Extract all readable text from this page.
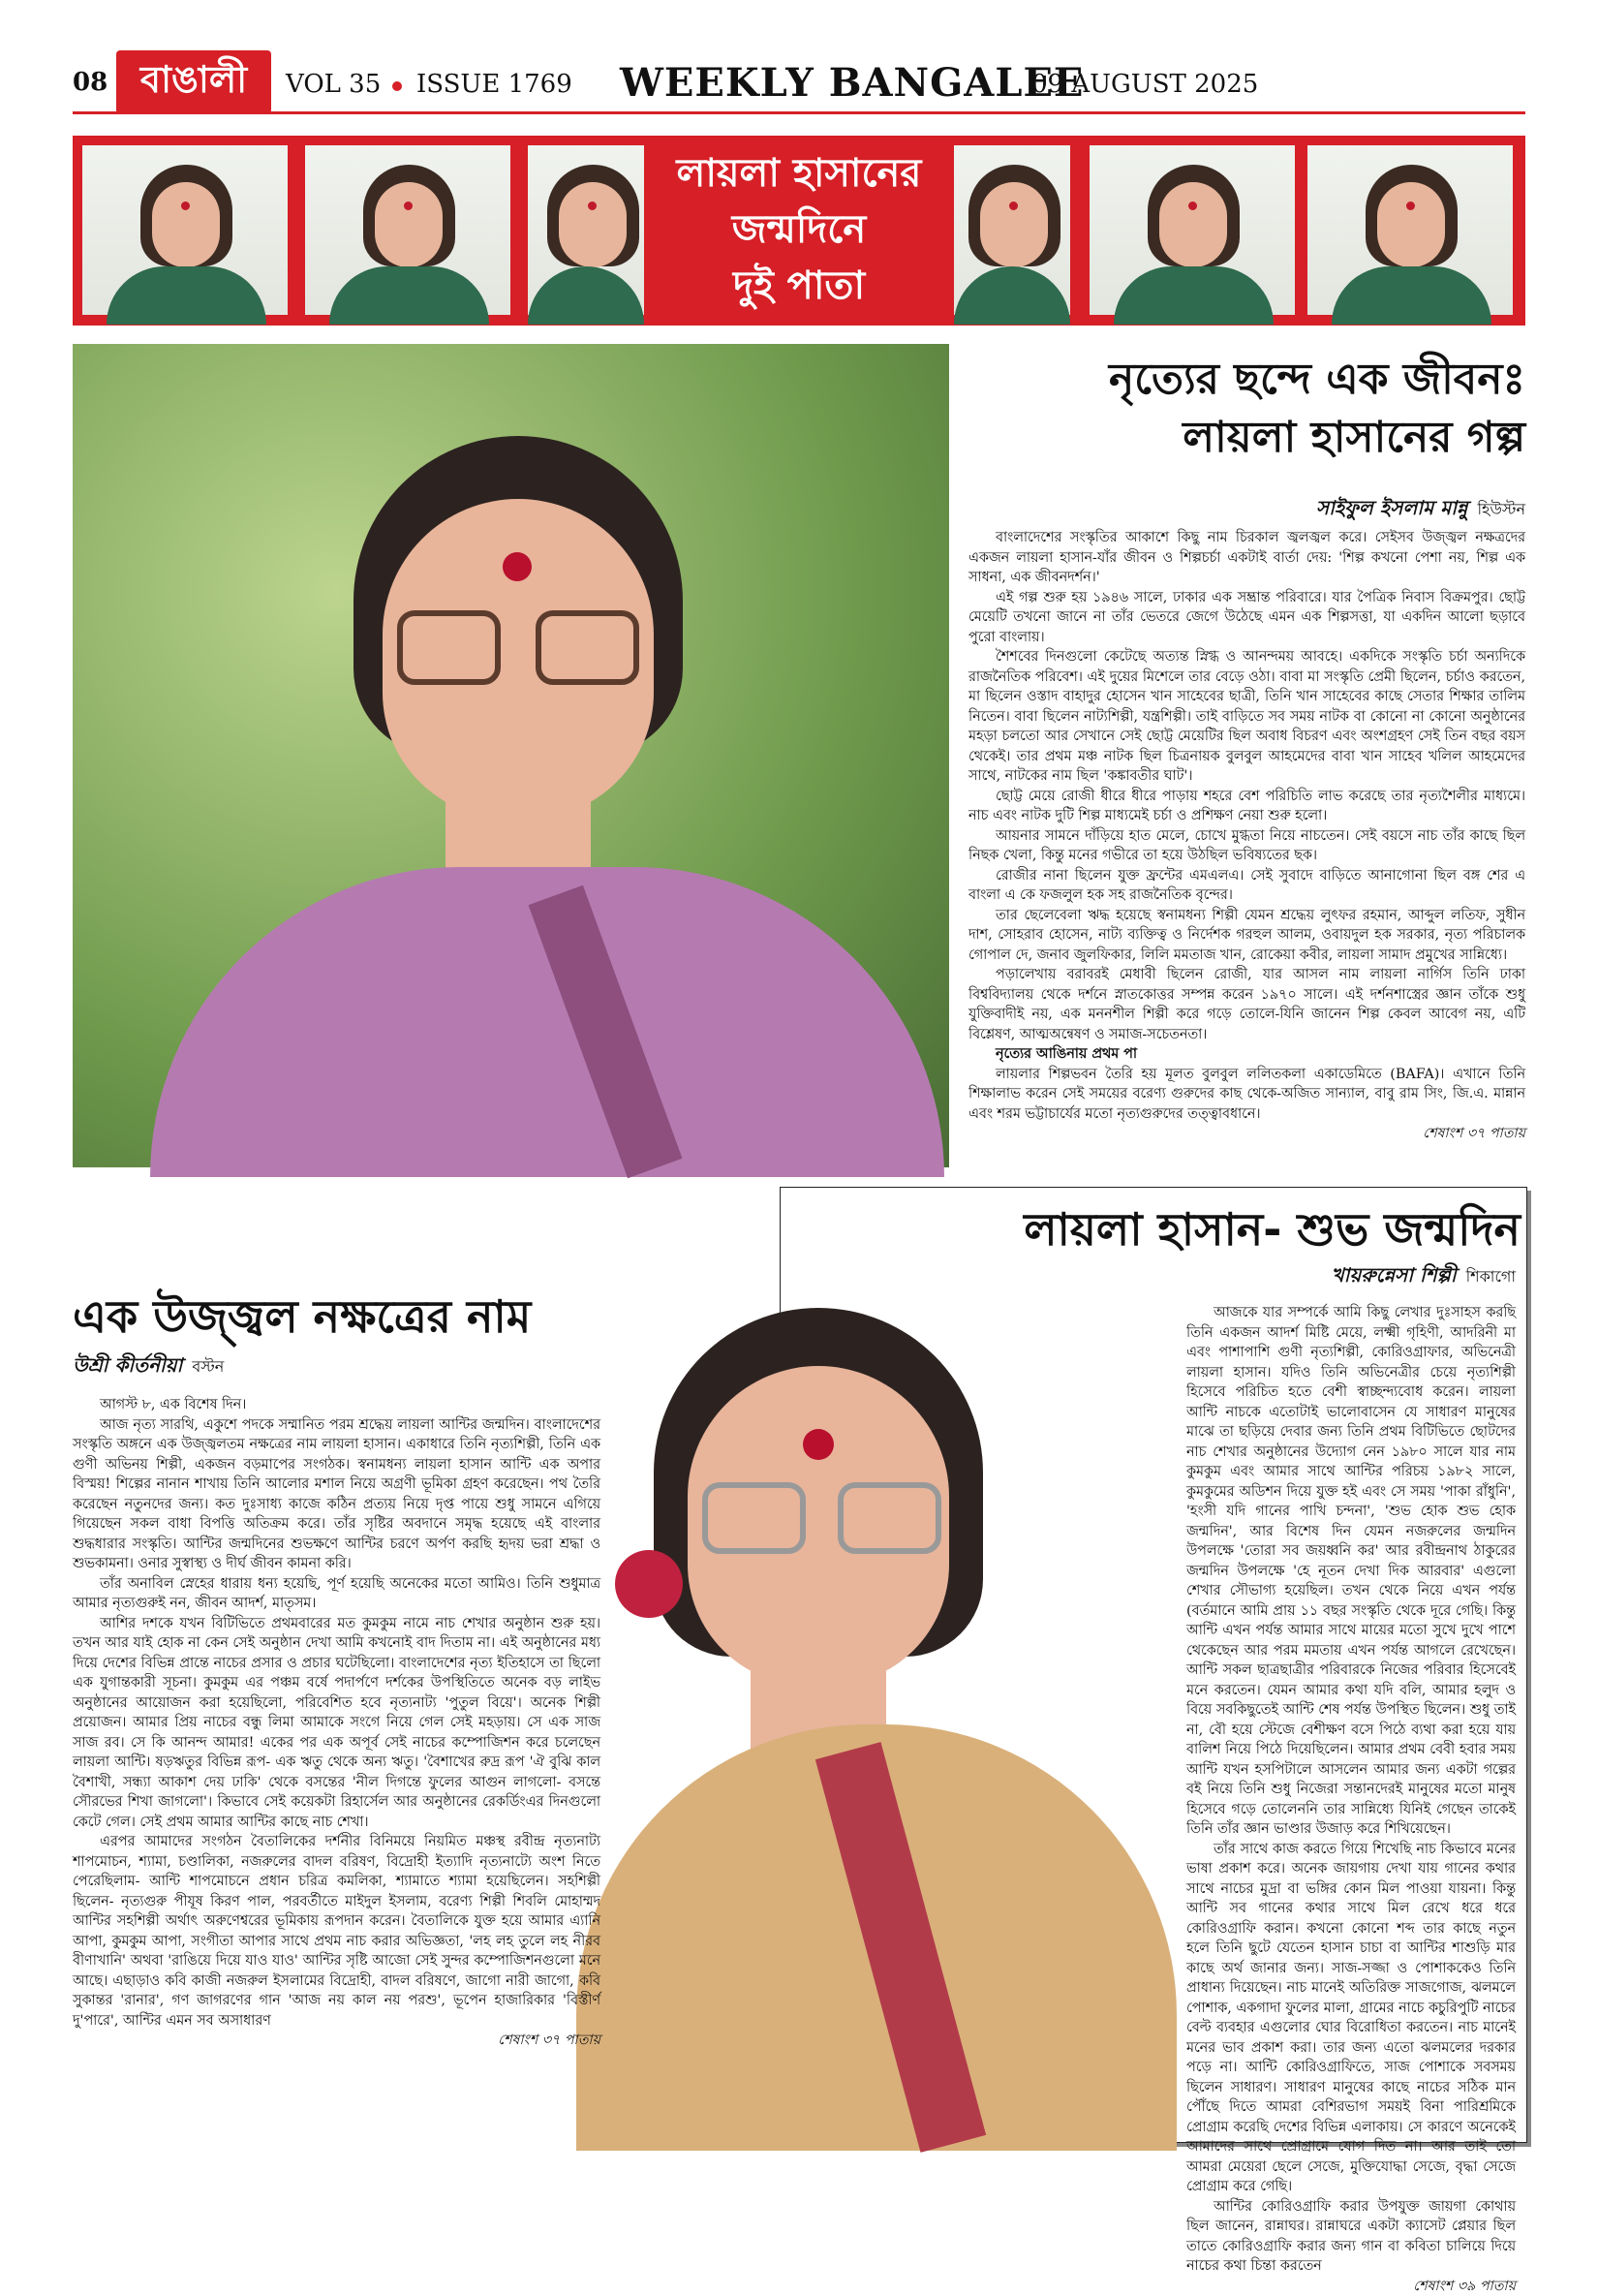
08 বাঙালী	VOL 35 ISSUE 1769 WEEKLY BANGALEE
09 AUGUST 2025
লায়লা হাসানের
জন্মদিনে
দুই পাতা
নৃত্যের ছন্দে এক জীবনঃ
লায়লা হাসানের গল্প
সাইফুল ইসলাম মান্নু হিউস্টন

বাংলাদেশের সংস্কৃতির আকাশে কিছু নাম চিরকাল জ্বলজ্বল করে। সেইসব উজ্জ্বল নক্ষত্রদের একজন লায়লা হাসান-যাঁর জীবন ও শিল্পচর্চা একটাই বার্তা দেয়: 'শিল্প কখনো পেশা নয়, শিল্প এক সাধনা, এক জীবনদর্শন।'

এই গল্প শুরু হয় ১৯৪৬ সালে, ঢাকার এক সম্ভ্রান্ত পরিবারে। যার পৈত্রিক নিবাস বিক্রমপুর। ছোট্ট মেয়েটি তখনো জানে না তাঁর ভেতরে জেগে উঠেছে এমন এক শিল্পসত্তা, যা একদিন আলো ছড়াবে পুরো বাংলায়।

শৈশবের দিনগুলো কেটেছে অত্যন্ত স্নিগ্ধ ও আনন্দময় আবহে। একদিকে সংস্কৃতি চর্চা অন্যদিকে রাজনৈতিক পরিবেশ। এই দুয়ের মিশেলে তার বেড়ে ওঠা। বাবা মা সংস্কৃতি প্রেমী ছিলেন, চর্চাও করতেন, মা ছিলেন ওস্তাদ বাহাদুর হোসেন খান সাহেবের ছাত্রী, তিনি খান সাহেবের কাছে সেতার শিক্ষার তালিম নিতেন। বাবা ছিলেন নাট্যশিল্পী, যন্ত্রশিল্পী। তাই বাড়িতে সব সময় নাটক বা কোনো না কোনো অনুষ্ঠানের মহড়া চলতো আর সেখানে সেই ছোট্ট মেয়েটির ছিল অবাধ বিচরণ এবং অংশগ্রহণ সেই তিন বছর বয়স থেকেই। তার প্রথম মঞ্চ নাটক ছিল চিত্রনায়ক বুলবুল আহমেদের বাবা খান সাহেব খলিল আহমেদের সাথে, নাটকের নাম ছিল 'কঙ্কাবতীর ঘাট'।

ছোট্ট মেয়ে রোজী ধীরে ধীরে পাড়ায় শহরে বেশ পরিচিতি লাভ করেছে তার নৃত্যশৈলীর মাধ্যমে। নাচ এবং নাটক দুটি শিল্প মাধ্যমেই চর্চা ও প্রশিক্ষণ নেয়া শুরু হলো।

আয়নার সামনে দাঁড়িয়ে হাত মেলে, চোখে মুগ্ধতা নিয়ে নাচতেন। সেই বয়সে নাচ তাঁর কাছে ছিল নিছক খেলা, কিন্তু মনের গভীরে তা হয়ে উঠছিল ভবিষ্যতের ছক।

রোজীর নানা ছিলেন যুক্ত ফ্রন্টের এমএলএ। সেই সুবাদে বাড়িতে আনাগোনা ছিল বঙ্গ শের এ বাংলা এ কে ফজলুল হক সহ রাজনৈতিক বৃন্দের।

তার ছেলেবেলা ঋদ্ধ হয়েছে স্বনামধন্য শিল্পী যেমন শ্রদ্ধেয় লুৎফর রহমান, আব্দুল লতিফ, সুধীন দাশ, সোহরাব হোসেন, নাট্য ব্যক্তিত্ব ও নির্দেশক গরহুল আলম, ওবায়দুল হক সরকার, নৃত্য পরিচালক গোপাল দে, জনাব জুলফিকার, লিলি মমতাজ খান, রোকেয়া কবীর, লায়লা সামাদ প্রমুখের সান্নিধ্যে।

পড়ালেখায় বরাবরই মেধাবী ছিলেন রোজী, যার আসল নাম লায়লা নার্গিস তিনি ঢাকা বিশ্ববিদ্যালয় থেকে দর্শনে স্নাতকোত্তর সম্পন্ন করেন ১৯৭০ সালে। এই দর্শনশাস্ত্রের জ্ঞান তাঁকে শুধু যুক্তিবাদীই নয়, এক মননশীল শিল্পী করে গড়ে তোলে-যিনি জানেন শিল্প কেবল আবেগ নয়, এটি বিশ্লেষণ, আত্মঅন্বেষণ ও সমাজ-সচেতনতা।

নৃত্যের আঙিনায় প্রথম পা

লায়লার শিল্পভবন তৈরি হয় মূলত বুলবুল ললিতকলা একাডেমিতে (BAFA)। এখানে তিনি শিক্ষালাভ করেন সেই সময়ের বরেণ্য গুরুদের কাছ থেকে-অজিত সান্যাল, বাবু রাম সিং, জি.এ. মান্নান এবং শরম ভট্টাচার্যের মতো নৃত্যগুরুদের তত্ত্বাবধানে।

শেষাংশ ৩৭ পাতায়
লায়লা হাসান- শুভ জন্মদিন
খায়রুন্নেসা শিল্পী শিকাগো

আজকে যার সম্পর্কে আমি কিছু লেখার দুঃসাহস করছি তিনি একজন আদর্শ মিষ্টি মেয়ে, লক্ষ্মী গৃহিণী, আদরিনী মা এবং পাশাপাশি গুণী নৃত্যশিল্পী, কোরিওগ্রাফার, অভিনেত্রী লায়লা হাসান। যদিও তিনি অভিনেত্রীর চেয়ে নৃত্যশিল্পী হিসেবে পরিচিত হতে বেশী স্বাচ্ছন্দ্যবোধ করেন। লায়লা আন্টি নাচকে এতোটাই ভালোবাসেন যে সাধারণ মানুষের মাঝে তা ছড়িয়ে দেবার জন্য তিনি প্রথম বিটিভিতে ছোটদের নাচ শেখার অনুষ্ঠানের উদ্যোগ নেন ১৯৮০ সালে যার নাম কুমকুম এবং আমার সাথে আন্টির পরিচয় ১৯৮২ সালে, কুমকুমের অডিশন দিয়ে যুক্ত হই এবং সে সময় 'পাকা রাঁধুনি', 'হংসী যদি গানের পাখি চন্দনা', 'শুভ হোক শুভ হোক জন্মদিন', আর বিশেষ দিন যেমন নজরুলের জন্মদিন উপলক্ষে 'তোরা সব জয়ধ্বনি কর' আর রবীন্দ্রনাথ ঠাকুরের জন্মদিন উপলক্ষে 'হে নূতন দেখা দিক আরবার' এগুলো শেখার সৌভাগ্য হয়েছিল। তখন থেকে নিয়ে এখন পর্যন্ত (বর্তমানে আমি প্রায় ১১ বছর সংস্কৃতি থেকে দূরে গেছি। কিন্তু আন্টি এখন পর্যন্ত আমার সাথে মায়ের মতো সুখে দুখে পাশে থেকেছেন আর পরম মমতায় এখন পর্যন্ত আগলে রেখেছেন। আন্টি সকল ছাত্রছাত্রীর পরিবারকে নিজের পরিবার হিসেবেই মনে করতেন। যেমন আমার কথা যদি বলি, আমার হলুদ ও বিয়ে সবকিছুতেই আন্টি শেষ পর্যন্ত উপস্থিত ছিলেন। শুধু তাই না, বৌ হয়ে স্টেজে বেশীক্ষণ বসে পিঠে ব্যথা করা হয়ে যায় বালিশ নিয়ে পিঠে দিয়েছিলেন। আমার প্রথম বেবী হবার সময় আন্টি যখন হসপিটালে আসলেন আমার জন্য একটা গল্পের বই নিয়ে তিনি শুধু নিজেরা সন্তানদেরই মানুষের মতো মানুষ হিসেবে গড়ে তোলেননি তার সান্নিধ্যে যিনিই গেছেন তাকেই তিনি তাঁর জ্ঞান ভাণ্ডার উজাড় করে শিখিয়েছেন।

তাঁর সাথে কাজ করতে গিয়ে শিখেছি নাচ কিভাবে মনের ভাষা প্রকাশ করে। অনেক জায়গায় দেখা যায় গানের কথার সাথে নাচের মুদ্রা বা ভঙ্গির কোন মিল পাওয়া যায়না। কিন্তু আন্টি সব গানের কথার সাথে মিল রেখে ধরে ধরে কোরিওগ্রাফি করান। কখনো কোনো শব্দ তার কাছে নতুন হলে তিনি ছুটে যেতেন হাসান চাচা বা আন্টির শাশুড়ি মার কাছে অর্থ জানার জন্য। সাজ-সজ্জা ও পোশাককেও তিনি প্রাধান্য দিয়েছেন। নাচ মানেই অতিরিক্ত সাজগোজ, ঝলমলে পোশাক, একগাদা ফুলের মালা, গ্রামের নাচে কচুরিপুটি নাচের বেল্ট ব্যবহার এগুলোর ঘোর বিরোধিতা করতেন। নাচ মানেই মনের ভাব প্রকাশ করা। তার জন্য এতো ঝলমলের দরকার পড়ে না। আন্টি কোরিওগ্রাফিতে, সাজ পোশাকে সবসময় ছিলেন সাধারণ। সাধারণ মানুষের কাছে নাচের সঠিক মান পৌঁছে দিতে আমরা বেশিরভাগ সময়ই বিনা পারিশ্রমিকে প্রোগ্রাম করেছি দেশের বিভিন্ন এলাকায়। সে কারণে অনেকেই আমাদের সাথে প্রোগ্রামে যোগ দিত না। আর তাই তো আমরা মেয়েরা ছেলে সেজে, মুক্তিযোদ্ধা সেজে, বৃদ্ধা সেজে প্রোগ্রাম করে গেছি।

আন্টির কোরিওগ্রাফি করার উপযুক্ত জায়গা কোথায় ছিল জানেন, রান্নাঘর। রান্নাঘরে একটা ক্যাসেট প্লেয়ার ছিল তাতে কোরিওগ্রাফি করার জন্য গান বা কবিতা চালিয়ে দিয়ে নাচের কথা চিন্তা করতেন

শেষাংশ ৩৯ পাতায়
এক উজ্জ্বল নক্ষত্রের নাম
উশ্রী কীর্তনীয়া বস্টন

আগস্ট ৮, এক বিশেষ দিন।

আজ নৃত্য সারথি, একুশে পদকে সম্মানিত পরম শ্রদ্ধেয় লায়লা আন্টির জন্মদিন। বাংলাদেশের সংস্কৃতি অঙ্গনে এক উজ্জ্বলতম নক্ষত্রের নাম লায়লা হাসান। একাধারে তিনি নৃত্যশিল্পী, তিনি এক গুণী অভিনয় শিল্পী, একজন বড়মাপের সংগঠক। স্বনামধন্য লায়লা হাসান আন্টি এক অপার বিস্ময়! শিল্পের নানান শাখায় তিনি আলোর মশাল নিয়ে অগ্রণী ভূমিকা গ্রহণ করেছেন। পথ তৈরি করেছেন নতুনদের জন্য। কত দুঃসাধ্য কাজে কঠিন প্রত্যয় নিয়ে দৃপ্ত পায়ে শুধু সামনে এগিয়ে গিয়েছেন সকল বাধা বিপত্তি অতিক্রম করে। তাঁর সৃষ্টির অবদানে সমৃদ্ধ হয়েছে এই বাংলার শুদ্ধধারার সংস্কৃতি। আন্টির জন্মদিনের শুভক্ষণে আন্টির চরণে অর্পণ করছি হৃদয় ভরা শ্রদ্ধা ও শুভকামনা। ওনার সুস্বাস্থ্য ও দীর্ঘ জীবন কামনা করি।

তাঁর অনাবিল স্নেহের ধারায় ধন্য হয়েছি, পূর্ণ হয়েছি অনেকের মতো আমিও। তিনি শুধুমাত্র আমার নৃত্যগুরুই নন, জীবন আদর্শ, মাতৃসম।

আশির দশকে যখন বিটিভিতে প্রথমবারের মত কুমকুম নামে নাচ শেখার অনুষ্ঠান শুরু হয়। তখন আর যাই হোক না কেন সেই অনুষ্ঠান দেখা আমি কখনোই বাদ দিতাম না। এই অনুষ্ঠানের মধ্য দিয়ে দেশের বিভিন্ন প্রান্তে নাচের প্রসার ও প্রচার ঘটেছিলো। বাংলাদেশের নৃত্য ইতিহাসে তা ছিলো এক যুগান্তকারী সূচনা। কুমকুম এর পঞ্চম বর্ষে পদার্পণে দর্শকের উপস্থিতিতে অনেক বড় লাইভ অনুষ্ঠানের আয়োজন করা হয়েছিলো, পরিবেশিত হবে নৃত্যনাট্য 'পুতুল বিয়ে'। অনেক শিল্পী প্রয়োজন। আমার প্রিয় নাচের বন্ধু লিমা আমাকে সংগে নিয়ে গেল সেই মহড়ায়। সে এক সাজ সাজ রব। সে কি আনন্দ আমার! একের পর এক অপূর্ব সেই নাচের কম্পোজিশন করে চলেছেন লায়লা আন্টি। ষড়ঋতুর বিভিন্ন রূপ- এক ঋতু থেকে অন্য ঋতু। 'বৈশাখের রুদ্র রূপ 'ঐ বুঝি কাল বৈশাখী, সন্ধ্যা আকাশ দেয় ঢাকি' থেকে বসন্তের 'নীল দিগন্তে ফুলের আগুন লাগলো- বসন্তে সৌরভের শিখা জাগলো'। কিভাবে সেই কয়েকটা রিহার্সেল আর অনুষ্ঠানের রেকর্ডিংএর দিনগুলো কেটে গেল। সেই প্রথম আমার আন্টির কাছে নাচ শেখা।

এরপর আমাদের সংগঠন বৈতালিকের দর্শনীর বিনিময়ে নিয়মিত মঞ্চস্থ রবীন্দ্র নৃত্যনাট্য শাপমোচন, শ্যামা, চণ্ডালিকা, নজরুলের বাদল বরিষণ, বিদ্রোহী ইত্যাদি নৃত্যনাট্যে অংশ নিতে পেরেছিলাম- আন্টি শাপমোচনে প্রধান চরিত্র কমলিকা, শ্যামাতে শ্যামা হয়েছিলেন। সহশিল্পী ছিলেন- নৃত্যগুরু পীযূষ কিরণ পাল, পরবর্তীতে মাইদুল ইসলাম, বরেণ্য শিল্পী শিবলি মোহাম্মদ আন্টির সহশিল্পী অর্থাৎ অরুণেশ্বরের ভূমিকায় রূপদান করেন। বৈতালিকে যুক্ত হয়ে আমার এ্যানি আপা, কুমকুম আপা, সংগীতা আপার সাথে প্রথম নাচ করার অভিজ্ঞতা, 'লহ লহ তুলে লহ নীরব বীণাখানি' অথবা 'রাঙিয়ে দিয়ে যাও যাও' আন্টির সৃষ্টি আজো সেই সুন্দর কম্পোজিশনগুলো মনে আছে। এছাড়াও কবি কাজী নজরুল ইসলামের বিদ্রোহী, বাদল বরিষণে, জাগো নারী জাগো, কবি সুকান্তর 'রানার', গণ জাগরণের গান 'আজ নয় কাল নয় পরশু', ভূপেন হাজারিকার 'বিস্তীর্ণ দু'পারে', আন্টির এমন সব অসাধারণ

শেষাংশ ৩৭ পাতায়
